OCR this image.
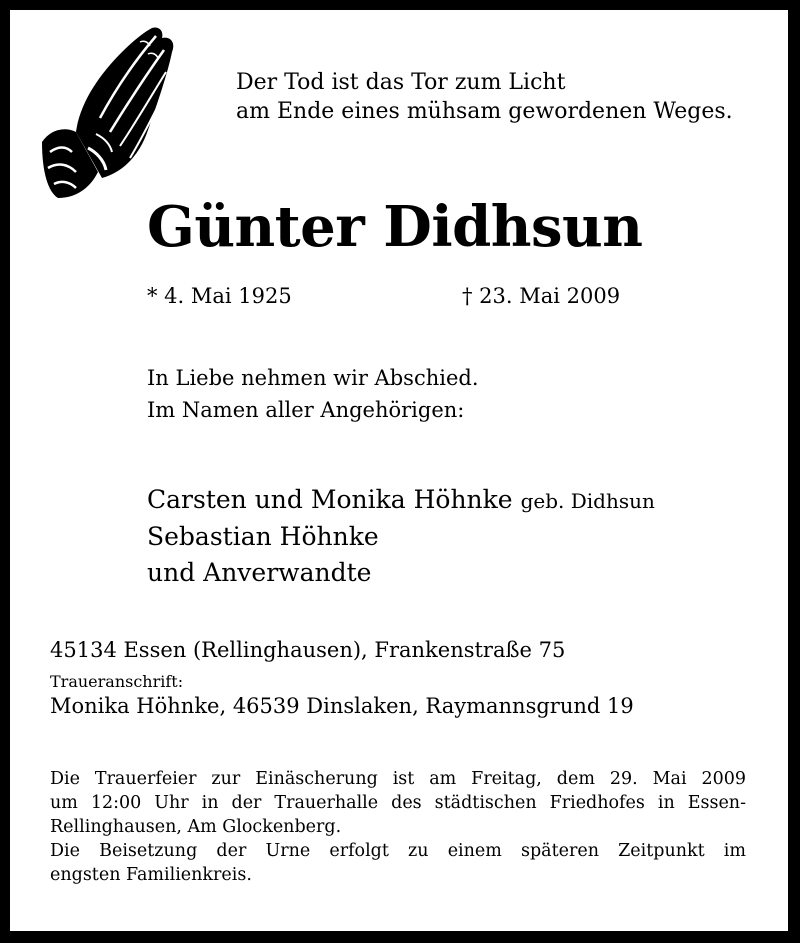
Der Tod ist das Tor zum Licht
am Ende eines mühsam gewordenen Weges.
Günter Didhsun
* 4. Mai 1925	† 23. Mai 2009
In Liebe nehmen wir Abschied.
Im Namen aller Angehörigen:
Carsten und Monika Höhnke geb. Didhsun
Sebastian Höhnke
und Anverwandte
45134 Essen (Rellinghausen), Frankenstraße 75
Traueranschrift:
Monika Höhnke, 46539 Dinslaken, Raymannsgrund 19

Die Trauerfeier zur Einäscherung ist am Freitag, dem 29. Mai 2009

um 12:00 Uhr in der Trauerhalle des städtischen Friedhofes in Essen-

Rellinghausen, Am Glockenberg.

Die Beisetzung der Urne erfolgt zu einem späteren Zeitpunkt im

engsten Familienkreis.
